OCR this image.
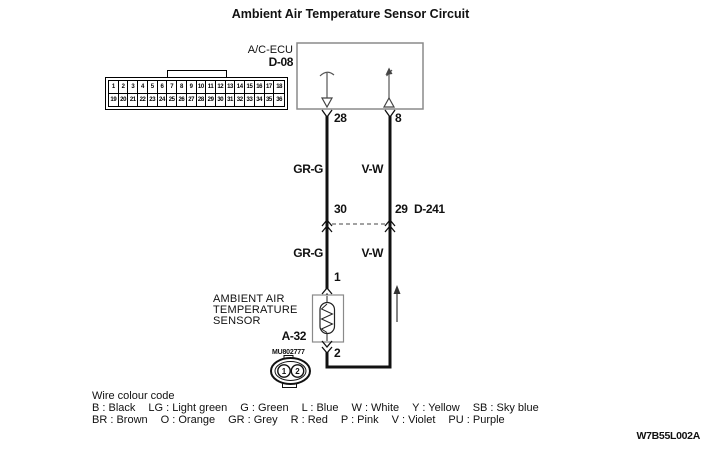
1 2
Ambient Air Temperature Sensor Circuit
A/C-ECU
D-08
1	2	3	4	5	6	7	8	9 10 11 12 13 14 15 16 17 18
19 20 21 22 23 24 25 26 27 28 29 30 31 32 33 34 35 36
28	8
GR-G	V-W
30	29 D-241
GR-G	V-W
1
AMBIENT AIR
TEMPERATURE
SENSOR
A-32
MU802777 2
Wire colour code
B : Black LG : Light green G : Green L : Blue W : White Y : Yellow SB : Sky blue
BR : Brown O : Orange GR : Grey R : Red P : Pink V : Violet PU : Purple
W7B55L002A
